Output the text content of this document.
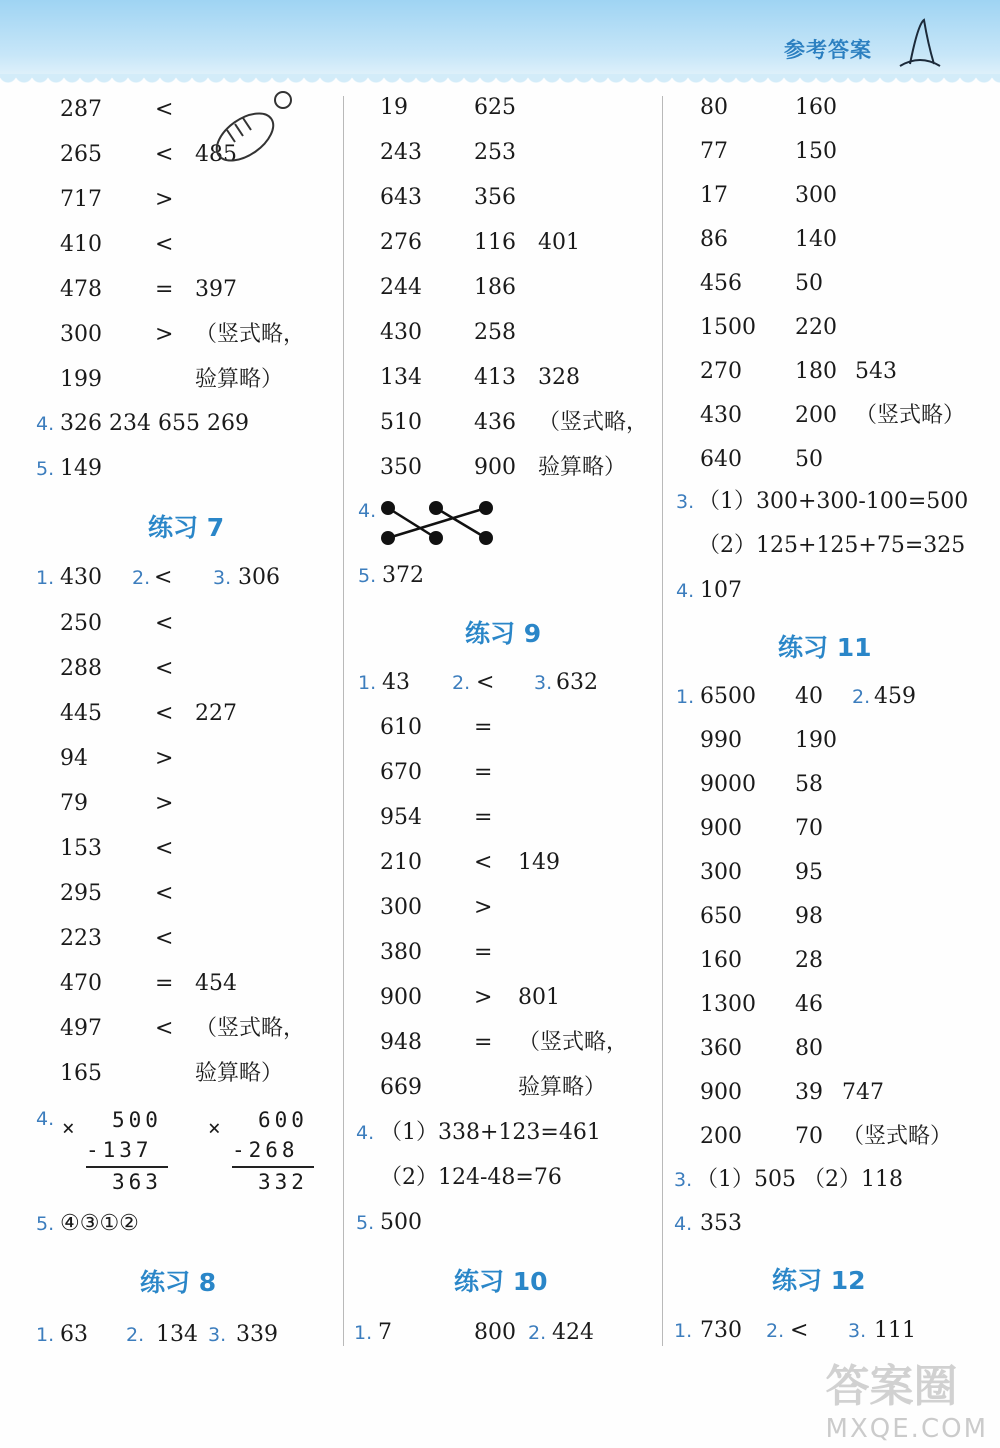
参考答案
287 <
265 < 485
717 >
410 <
478 = 397
300 > （竖式略，
199	验算略）
4. 326 234 655 269
5. 149
练习 7
1. 430 2. < 3. 306
250 <
288 <
445 < 227
94	>
79	>
153 <
295 <
223 <
470 = 454
497 < （竖式略，
165	验算略）
4. × 500
-137
363
× 600
-268
332
5. ④③①②
练习 8
1. 63 2. 134 3. 339
19	625
243 253
643 356
276 116 401
244 186
430 258
134 413 328
510 436 （竖式略，
350 900 验算略）
4.
5. 372
练习 9
1. 43 2. < 3. 632
610 =
670 =
954 =
210 < 149
300 >
380 =
900 > 801
948 = （竖式略，
669	验算略）
4. （1）338+123=461
（2）124-48=76
5. 500
练习 10
1. 7	800 2. 424
80	160
77	150
17	300
86	140
456 50
1500 220
270 180 543
430 200 （竖式略）
640 50
3. （1）300+300-100=500
（2）125+125+75=325
4. 107
练习 11
1. 6500 40 2. 459
990 190
9000 58
900 70
300 95
650 98
160 28
1300 46
360 80
900 39 747
200 70 （竖式略）
3. （1）505 （2）118
4. 353
练习 12
1. 730 2. < 3. 111
答案圈
MXQE.COM
